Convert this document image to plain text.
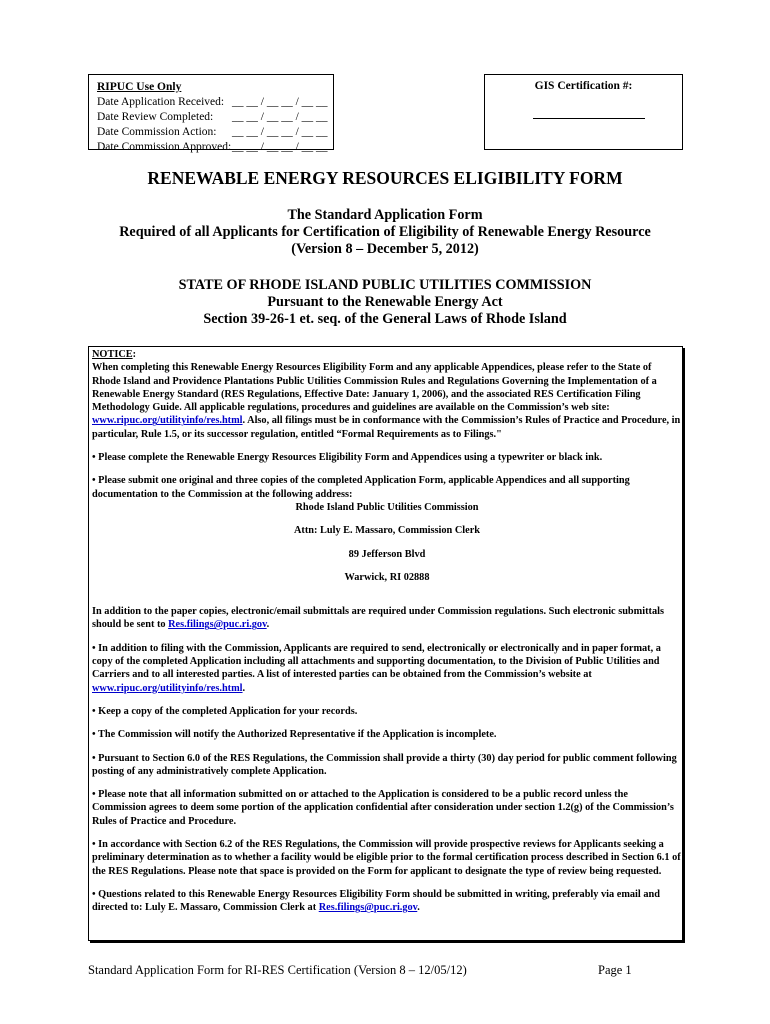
RIPUC Use Only
Date Application Received: __ __ / __ __ / __ __
Date Review Completed:	__ __ / __ __ / __ __
Date Commission Action:	__ __ / __ __ / __ __
Date Commission Approved: __ __ / __ __ / __ __
GIS Certification #:
RENEWABLE ENERGY RESOURCES ELIGIBILITY FORM
The Standard Application Form
Required of all Applicants for Certification of Eligibility of Renewable Energy Resource
(Version 8 – December 5, 2012)
STATE OF RHODE ISLAND PUBLIC UTILITIES COMMISSION
Pursuant to the Renewable Energy Act
Section 39-26-1 et. seq. of the General Laws of Rhode Island

NOTICE:
When completing this Renewable Energy Resources Eligibility Form and any applicable Appendices, please refer to the State of Rhode Island and Providence Plantations Public Utilities Commission Rules and Regulations Governing the Implementation of a Renewable Energy Standard (RES Regulations, Effective Date: January 1, 2006), and the associated RES Certification Filing Methodology Guide. All applicable regulations, procedures and guidelines are available on the Commission’s web site: www.ripuc.org/utilityinfo/res.html. Also, all filings must be in conformance with the Commission’s Rules of Practice and Procedure, in particular, Rule 1.5, or its successor regulation, entitled “Formal Requirements as to Filings."

• Please complete the Renewable Energy Resources Eligibility Form and Appendices using a typewriter or black ink.

• Please submit one original and three copies of the completed Application Form, applicable Appendices and all supporting documentation to the Commission at the following address:

Rhode Island Public Utilities Commission

Attn: Luly E. Massaro, Commission Clerk

89 Jefferson Blvd

Warwick, RI 02888

In addition to the paper copies, electronic/email submittals are required under Commission regulations. Such electronic submittals should be sent to Res.filings@puc.ri.gov.

• In addition to filing with the Commission, Applicants are required to send, electronically or electronically and in paper format, a copy of the completed Application including all attachments and supporting documentation, to the Division of Public Utilities and Carriers and to all interested parties. A list of interested parties can be obtained from the Commission’s website at www.ripuc.org/utilityinfo/res.html.

• Keep a copy of the completed Application for your records.

• The Commission will notify the Authorized Representative if the Application is incomplete.

• Pursuant to Section 6.0 of the RES Regulations, the Commission shall provide a thirty (30) day period for public comment following posting of any administratively complete Application.

• Please note that all information submitted on or attached to the Application is considered to be a public record unless the Commission agrees to deem some portion of the application confidential after consideration under section 1.2(g) of the Commission’s Rules of Practice and Procedure.

• In accordance with Section 6.2 of the RES Regulations, the Commission will provide prospective reviews for Applicants seeking a preliminary determination as to whether a facility would be eligible prior to the formal certification process described in Section 6.1 of the RES Regulations. Please note that space is provided on the Form for applicant to designate the type of review being requested.

• Questions related to this Renewable Energy Resources Eligibility Form should be submitted in writing, preferably via email and directed to: Luly E. Massaro, Commission Clerk at Res.filings@puc.ri.gov.

Standard Application Form for RI-RES Certification (Version 8 – 12/05/12)	Page 1
